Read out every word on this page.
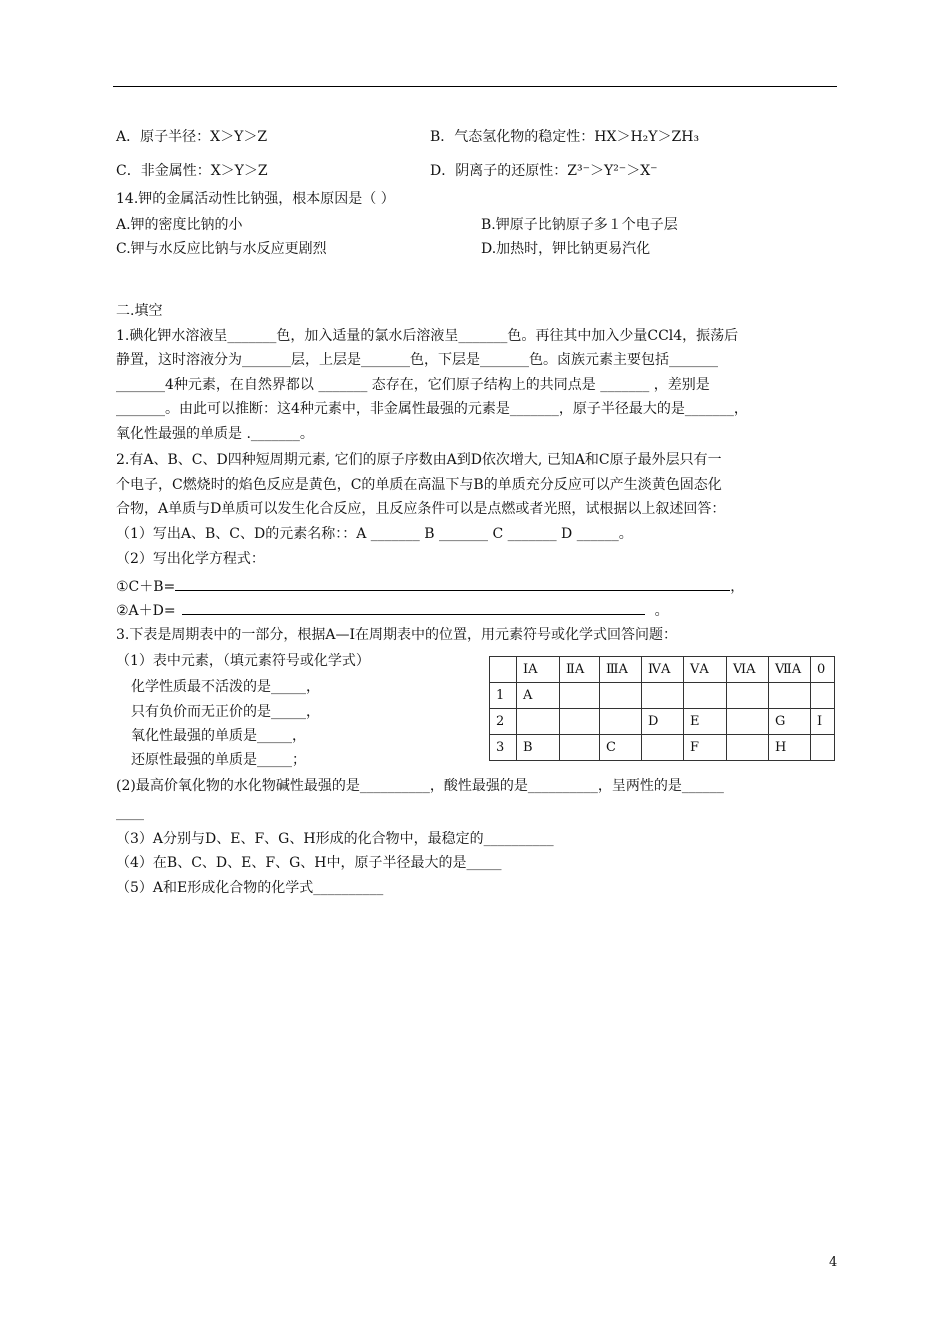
A．原子半径：X＞Y＞Z	B．气态氢化物的稳定性：HX＞H₂Y＞ZH₃
C．非金属性：X＞Y＞Z	D．阴离子的还原性：Z³⁻＞Y²⁻＞X⁻
14.钾的金属活动性比钠强，根本原因是（ ）
A.钾的密度比钠的小	B.钾原子比钠原子多１个电子层
C.钾与水反应比钠与水反应更剧烈	D.加热时，钾比钠更易汽化
二.填空
1.碘化钾水溶液呈_______色，加入适量的氯水后溶液呈_______色。再往其中加入少量CCl4，振荡后
静置，这时溶液分为_______层，上层是_______色，下层是_______色。卤族元素主要包括_______
_______4种元素，在自然界都以 _______ 态存在，它们原子结构上的共同点是 _______ ，差别是
_______。由此可以推断：这4种元素中，非金属性最强的元素是_______，原子半径最大的是_______，
氧化性最强的单质是 ._______。
2.有A、B、C、D四种短周期元素, 它们的原子序数由A到D依次增大, 已知A和C原子最外层只有一
个电子，C燃烧时的焰色反应是黄色，C的单质在高温下与B的单质充分反应可以产生淡黄色固态化
合物，A单质与D单质可以发生化合反应，且反应条件可以是点燃或者光照，试根据以上叙述回答：
（1）写出A、B、C、D的元素名称：：A _______ B _______ C _______ D ______。
（2）写出化学方程式：
①C＋B=	，
②A＋D=	。
3.下表是周期表中的一部分，根据A—I在周期表中的位置，用元素符号或化学式回答问题：
（1）表中元素，（填元素符号或化学式）
化学性质最不活泼的是_____，
只有负价而无正价的是_____，
氧化性最强的单质是_____，
还原性最强的单质是_____；
	ⅠA	ⅡA	ⅢA	ⅣA	ⅤA	ⅥA	ⅦA	0
1	A							
2				D	E		G	I
3	B		C		F		H	
(2)最高价氧化物的水化物碱性最强的是__________，酸性最强的是__________，呈两性的是______
____
（3）A分别与D、E、F、G、H形成的化合物中，最稳定的__________
（4）在B、C、D、E、F、G、H中，原子半径最大的是_____
（5）A和E形成化合物的化学式__________
4
